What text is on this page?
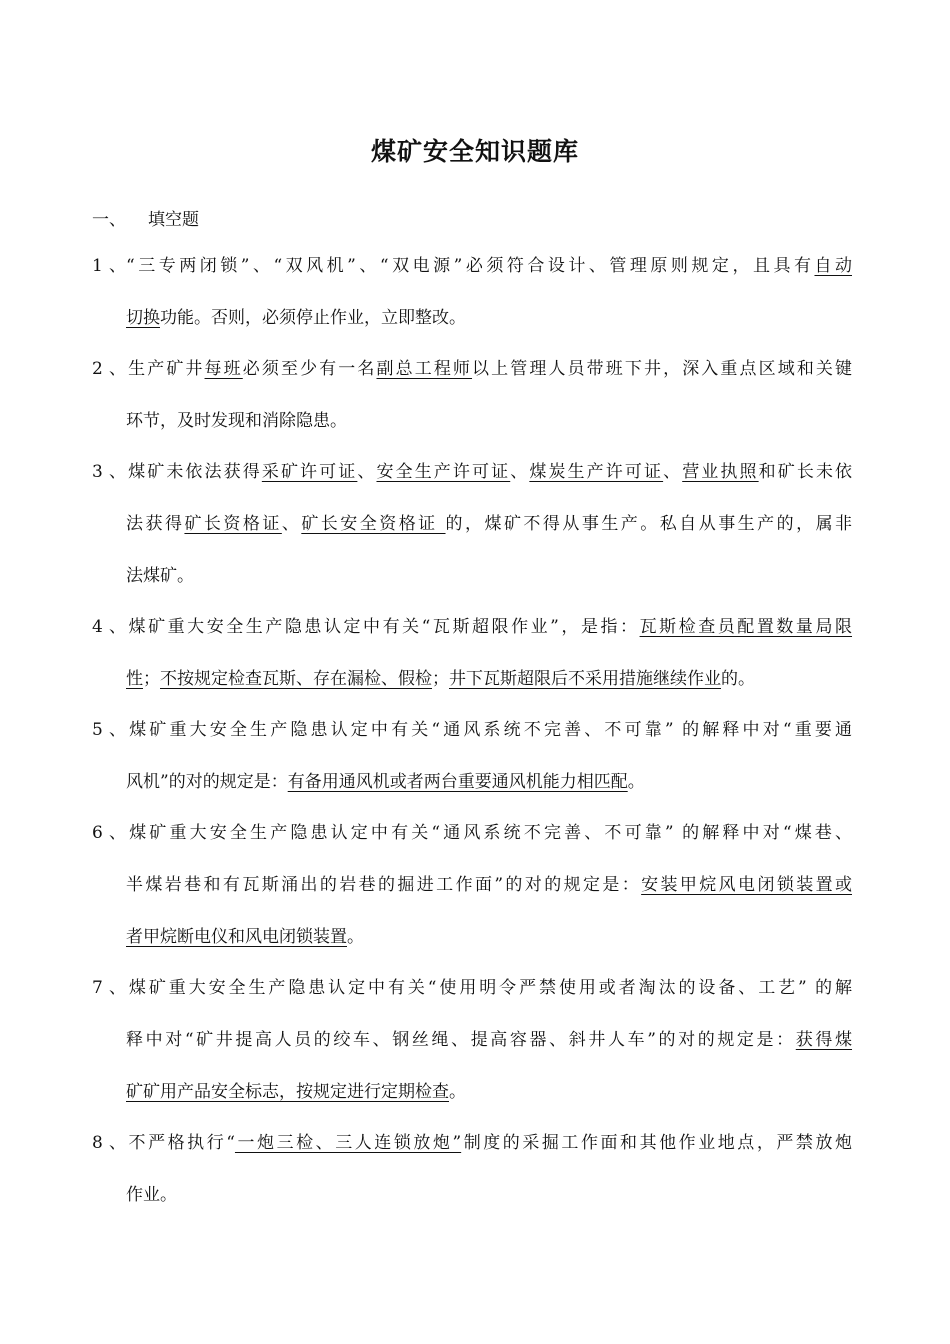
煤矿安全知识题库
一、 填空题
1、“三专两闭锁”、“双风机”、“双电源”必须符合设计、管理原则规定，且具有自动
切换功能。否则，必须停止作业，立即整改。
2、生产矿井每班必须至少有一名副总工程师以上管理人员带班下井，深入重点区域和关键
环节，及时发现和消除隐患。
3、煤矿未依法获得采矿许可证、安全生产许可证、煤炭生产许可证、营业执照和矿长未依
法获得矿长资格证、矿长安全资格证 的，煤矿不得从事生产。私自从事生产的，属非
法煤矿。
4、煤矿重大安全生产隐患认定中有关“瓦斯超限作业”，是指：瓦斯检查员配置数量局限
性；不按规定检查瓦斯、存在漏检、假检；井下瓦斯超限后不采用措施继续作业的。
5、煤矿重大安全生产隐患认定中有关“通风系统不完善、不可靠” 的解释中对“重要通
风机”的对的规定是：有备用通风机或者两台重要通风机能力相匹配。
6、煤矿重大安全生产隐患认定中有关“通风系统不完善、不可靠” 的解释中对“煤巷、
半煤岩巷和有瓦斯涌出的岩巷的掘进工作面”的对的规定是：安装甲烷风电闭锁装置或
者甲烷断电仪和风电闭锁装置。
7、煤矿重大安全生产隐患认定中有关“使用明令严禁使用或者淘汰的设备、工艺” 的解
释中对“矿井提高人员的绞车、钢丝绳、提高容器、斜井人车”的对的规定是：获得煤
矿矿用产品安全标志，按规定进行定期检查。
8、不严格执行“一炮三检、三人连锁放炮”制度的采掘工作面和其他作业地点，严禁放炮
作业。
